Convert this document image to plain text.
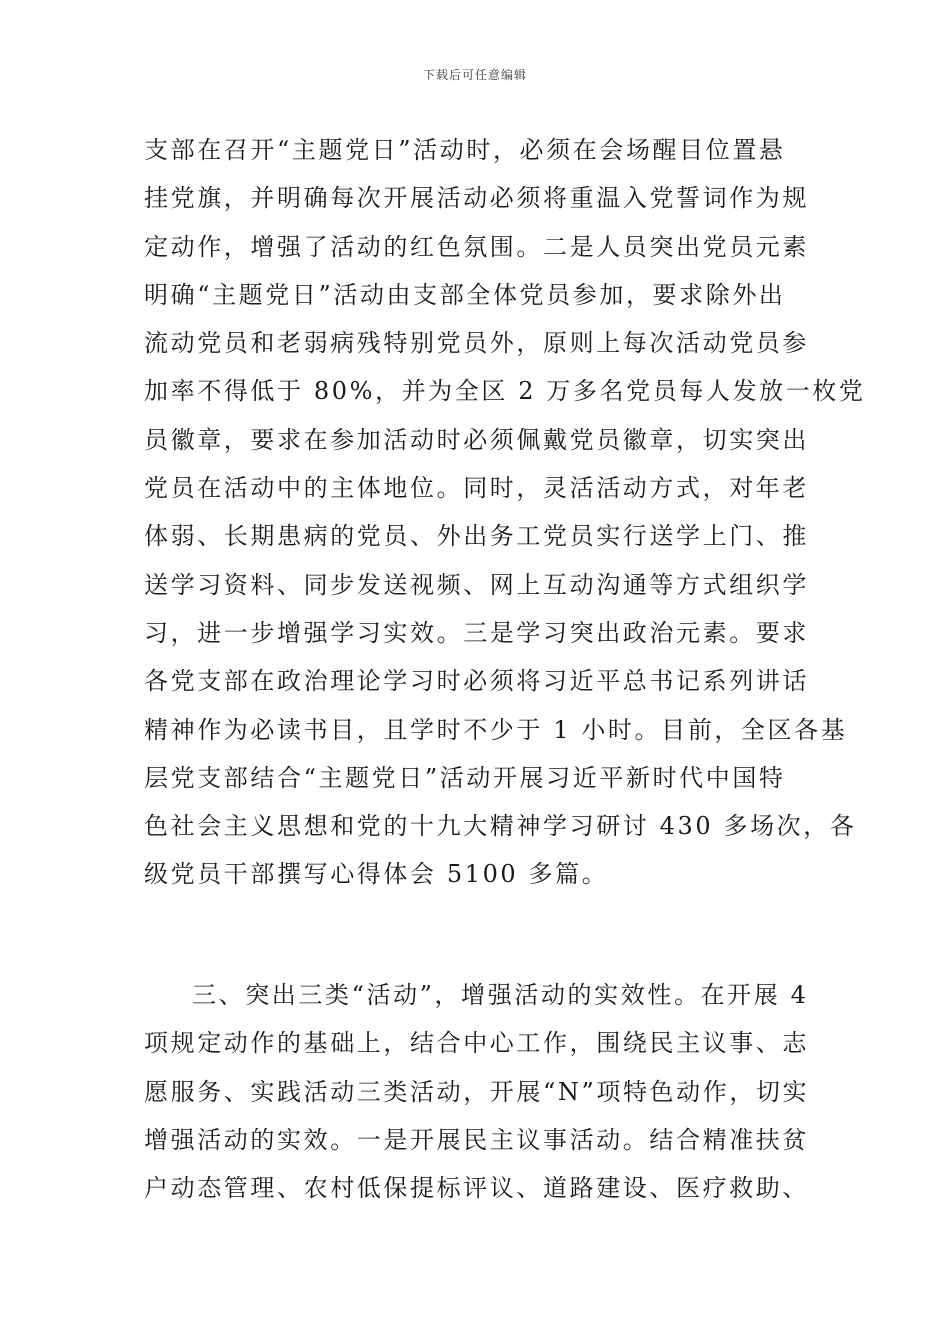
下载后可任意编辑
支部在召开“主题党日”活动时，必须在会场醒目位置悬
挂党旗，并明确每次开展活动必须将重温入党誓词作为规
定动作，增强了活动的红色氛围。二是人员突出党员元素
明确“主题党日”活动由支部全体党员参加，要求除外出
流动党员和老弱病残特别党员外，原则上每次活动党员参
加率不得低于 80%，并为全区 2 万多名党员每人发放一枚党
员徽章，要求在参加活动时必须佩戴党员徽章，切实突出
党员在活动中的主体地位。同时，灵活活动方式，对年老
体弱、长期患病的党员、外出务工党员实行送学上门、推
送学习资料、同步发送视频、网上互动沟通等方式组织学
习，进一步增强学习实效。三是学习突出政治元素。要求
各党支部在政治理论学习时必须将习近平总书记系列讲话
精神作为必读书目，且学时不少于 1 小时。目前，全区各基
层党支部结合“主题党日”活动开展习近平新时代中国特
色社会主义思想和党的十九大精神学习研讨 430 多场次，各
级党员干部撰写心得体会 5100 多篇。
三、突出三类“活动”，增强活动的实效性。在开展 4
项规定动作的基础上，结合中心工作，围绕民主议事、志
愿服务、实践活动三类活动，开展“N”项特色动作，切实
增强活动的实效。一是开展民主议事活动。结合精准扶贫
户动态管理、农村低保提标评议、道路建设、医疗救助、
